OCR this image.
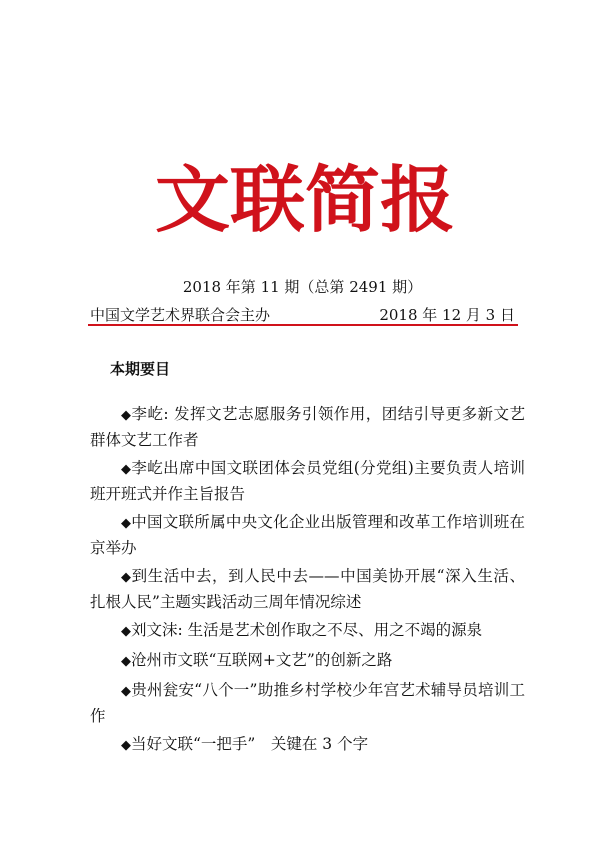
文联简报
2018 年第 11 期（总第 2491 期）
中国文学艺术界联合会主办	2018 年 12 月 3 日
本期要目
◆李屹: 发挥文艺志愿服务引领作用，团结引导更多新文艺群体文艺工作者
◆李屹出席中国文联团体会员党组(分党组)主要负责人培训班开班式并作主旨报告
◆中国文联所属中央文化企业出版管理和改革工作培训班在京举办
◆到生活中去，到人民中去——中国美协开展“深入生活、扎根人民”主题实践活动三周年情况综述
◆刘文沫: 生活是艺术创作取之不尽、用之不竭的源泉
◆沧州市文联“互联网+文艺”的创新之路
◆贵州瓮安“八个一”助推乡村学校少年宫艺术辅导员培训工作
◆当好文联“一把手”　关键在 3 个字
